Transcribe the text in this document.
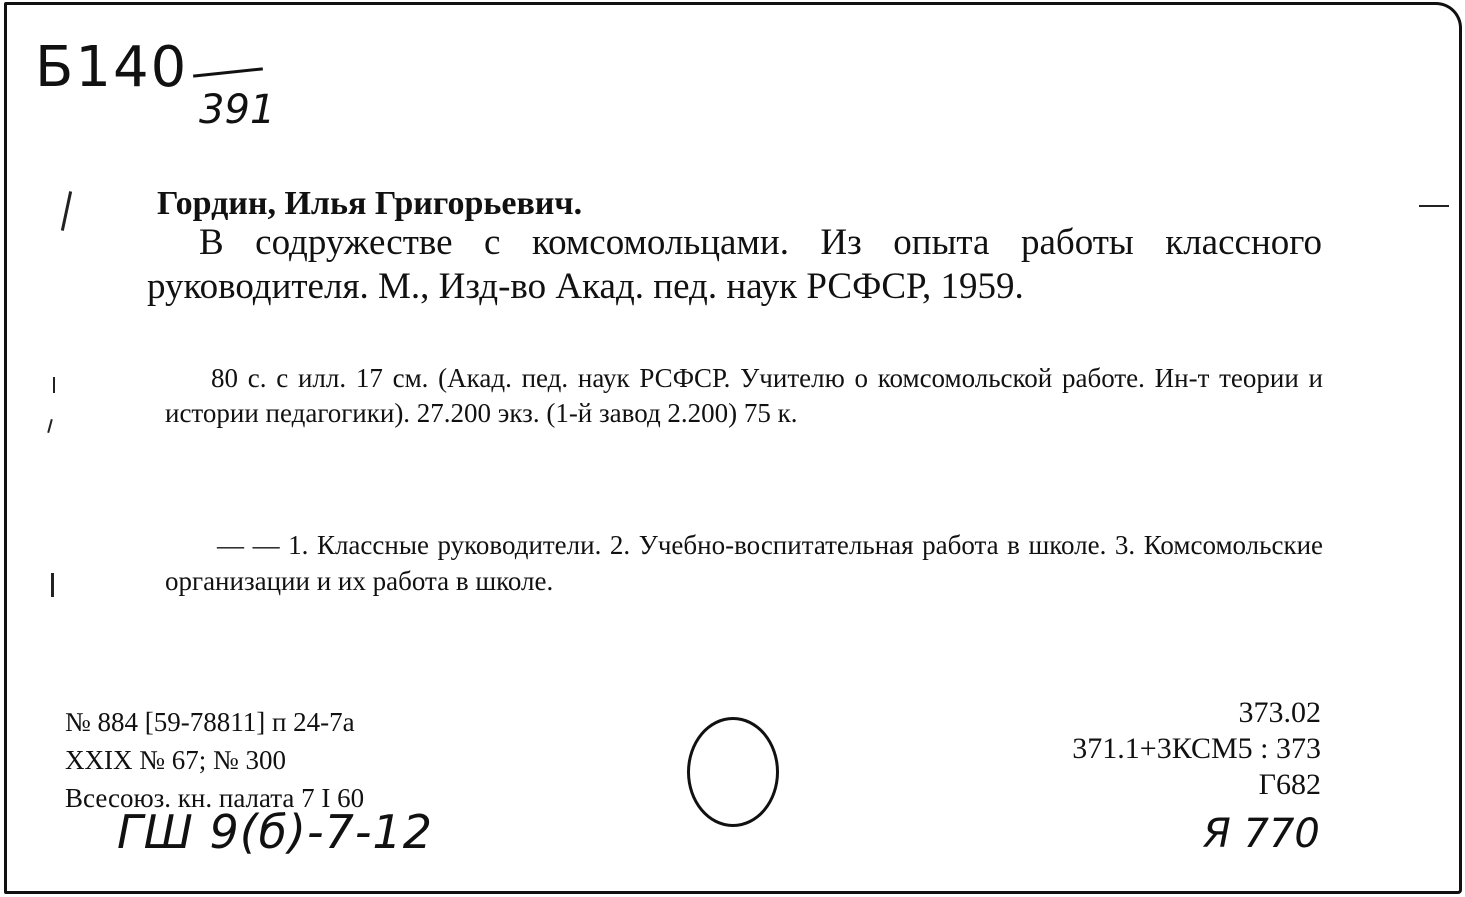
Б140
391
Гордин, Илья Григорьевич.
В содружестве с комсомольцами. Из опыта работы классного руководителя. М., Изд-во Акад. пед. наук РСФСР, 1959.
80 с. с илл. 17 см. (Акад. пед. наук РСФСР. Учителю о комсомольской работе. Ин-т теории и истории педагогики). 27.200 экз. (1-й завод 2.200) 75 к.
— — 1. Классные руководители. 2. Учебно-воспитательная работа в школе. 3. Комсомольские организации и их работа в школе.
№ 884 [59-78811] п 24-7а
XXIX № 67; № 300
Всесоюз. кн. палата 7 I 60
373.02
371.1+3КСМ5 : 373
Г682
ГШ 9(б)-7-12	Я 770
